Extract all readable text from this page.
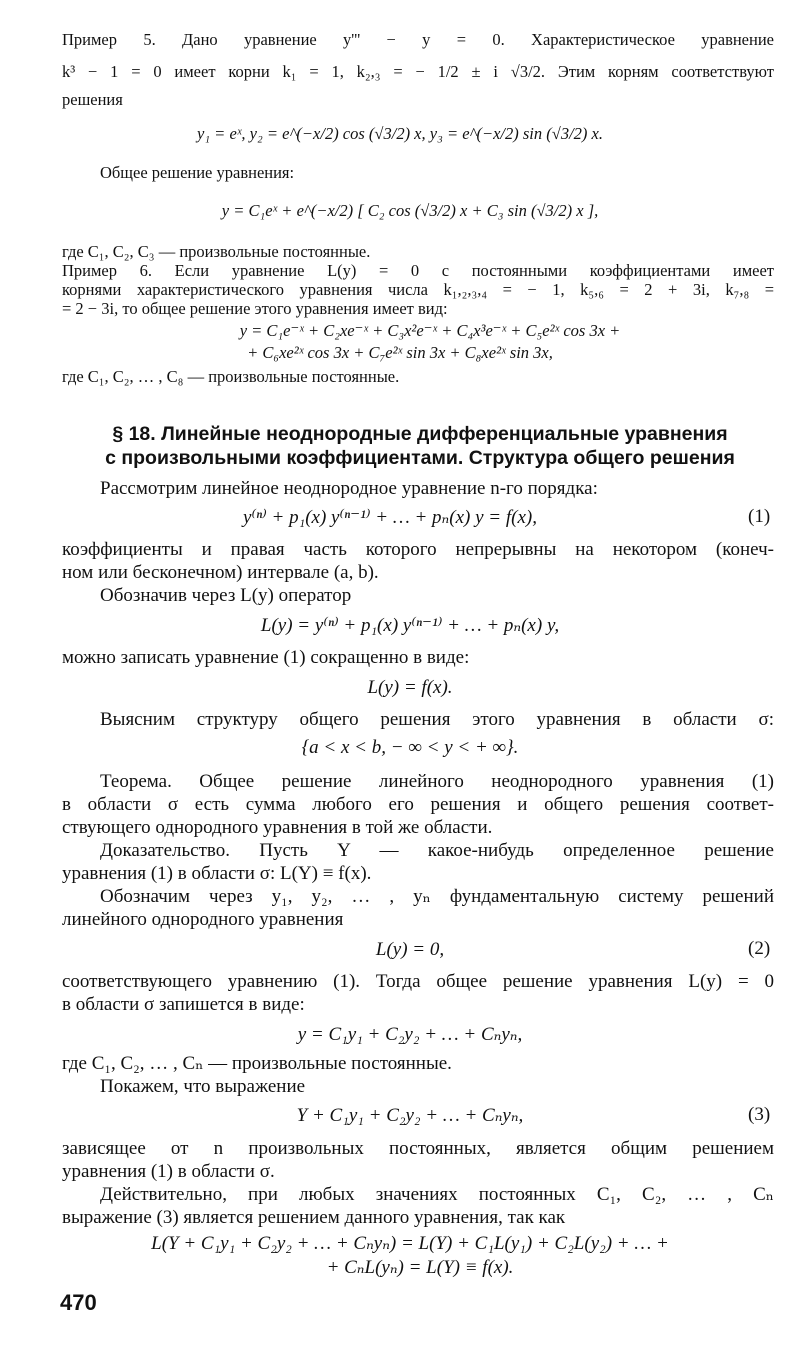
Пример 5. Дано уравнение y''' − y = 0. Характеристическое уравнение
k³ − 1 = 0 имеет корни k₁ = 1, k₂,₃ = − 1/2 ± i √3/2. Этим корням соответствуют
решения
y₁ = eˣ, y₂ = e^(−x/2) cos (√3/2) x, y₃ = e^(−x/2) sin (√3/2) x.
Общее решение уравнения:
y = C₁eˣ + e^(−x/2) [ C₂ cos (√3/2) x + C₃ sin (√3/2) x ],
где C₁, C₂, C₃ — произвольные постоянные.
Пример 6. Если уравнение L(y) = 0 с постоянными коэффициентами имеет
корнями характеристического уравнения числа k₁,₂,₃,₄ = − 1, k₅,₆ = 2 + 3i, k₇,₈ =
= 2 − 3i, то общее решение этого уравнения имеет вид:
y = C₁e⁻ˣ + C₂xe⁻ˣ + C₃x²e⁻ˣ + C₄x³e⁻ˣ + C₅e²ˣ cos 3x +
+ C₆xe²ˣ cos 3x + C₇e²ˣ sin 3x + C₈xe²ˣ sin 3x,
где C₁, C₂, … , C₈ — произвольные постоянные.
§ 18. Линейные неоднородные дифференциальные уравнения
с произвольными коэффициентами. Структура общего решения
Рассмотрим линейное неоднородное уравнение n-го порядка:
y⁽ⁿ⁾ + p₁(x) y⁽ⁿ⁻¹⁾ + … + pₙ(x) y = f(x),	(1)
коэффициенты и правая часть которого непрерывны на некотором (конеч-
ном или бесконечном) интервале (a, b).
Обозначив через L(y) оператор
L(y) = y⁽ⁿ⁾ + p₁(x) y⁽ⁿ⁻¹⁾ + … + pₙ(x) y,
можно записать уравнение (1) сокращенно в виде:
L(y) = f(x).
Выясним структуру общего решения этого уравнения в области σ:
{a < x < b, − ∞ < y < + ∞}.
Теорема. Общее решение линейного неоднородного уравнения (1)
в области σ есть сумма любого его решения и общего решения соответ-
ствующего однородного уравнения в той же области.
Доказательство. Пусть Y — какое-нибудь определенное решение
уравнения (1) в области σ: L(Y) ≡ f(x).
Обозначим через y₁, y₂, … , yₙ фундаментальную систему решений
линейного однородного уравнения
L(y) = 0,	(2)
соответствующего уравнению (1). Тогда общее решение уравнения L(y) = 0
в области σ запишется в виде:
y = C₁y₁ + C₂y₂ + … + Cₙyₙ,
где C₁, C₂, … , Cₙ — произвольные постоянные.
Покажем, что выражение
Y + C₁y₁ + C₂y₂ + … + Cₙyₙ,	(3)
зависящее от n произвольных постоянных, является общим решением
уравнения (1) в области σ.
Действительно, при любых значениях постоянных C₁, C₂, … , Cₙ
выражение (3) является решением данного уравнения, так как
L(Y + C₁y₁ + C₂y₂ + … + Cₙyₙ) = L(Y) + C₁L(y₁) + C₂L(y₂) + … +
+ CₙL(yₙ) = L(Y) ≡ f(x).
470
